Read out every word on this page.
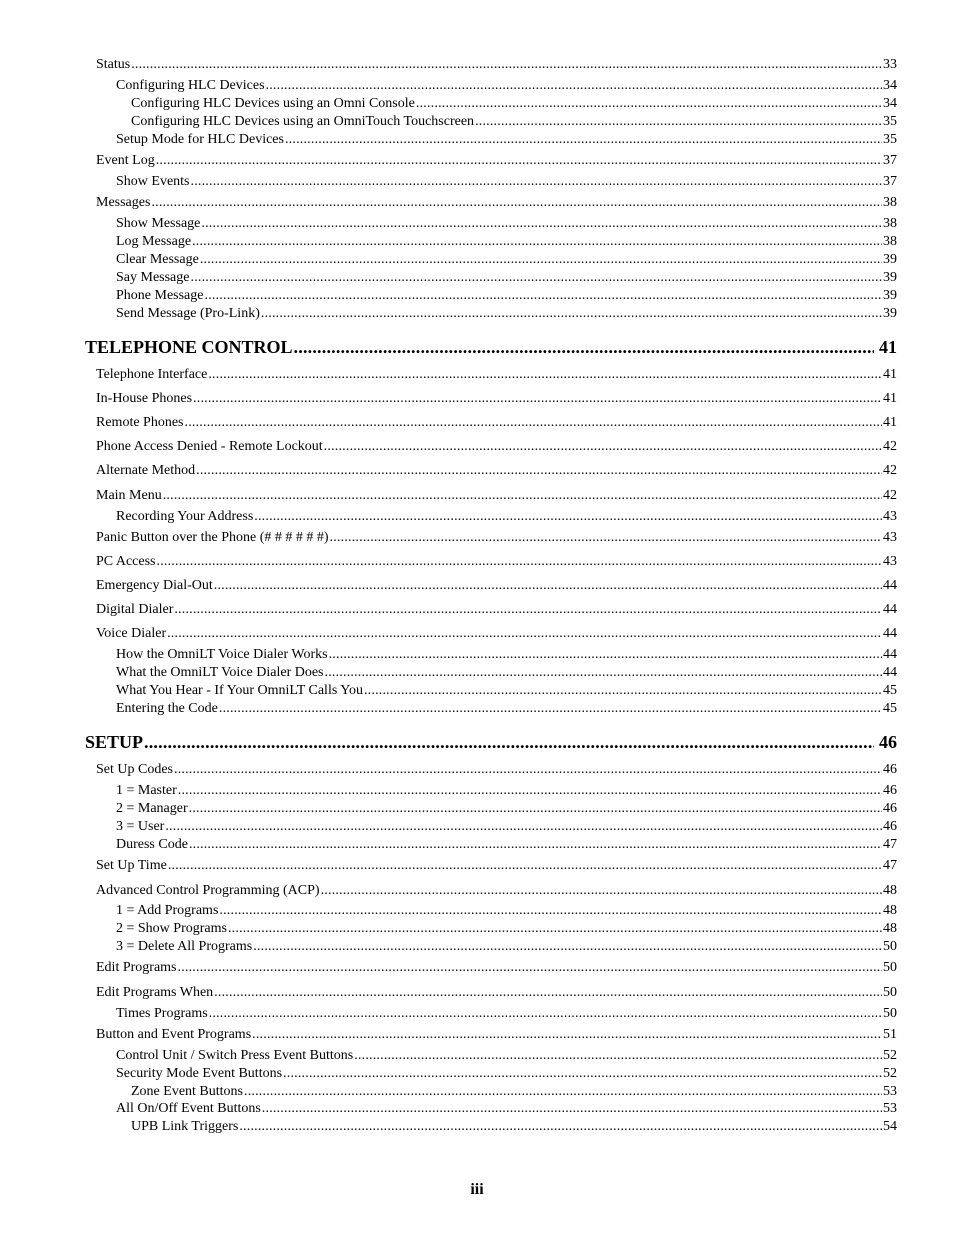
Status .....	33
Configuring HLC Devices .....	34
Configuring HLC Devices using an Omni Console .....	34
Configuring HLC Devices using an OmniTouch Touchscreen .....	35
Setup Mode for HLC Devices .....	35
Event Log .....	37
Show Events .....	37
Messages .....	38
Show Message .....	38
Log Message .....	38
Clear Message .....	39
Say Message .....	39
Phone Message .....	39
Send Message (Pro-Link) .....	39
TELEPHONE CONTROL .....	41
Telephone Interface .....	41
In-House Phones .....	41
Remote Phones .....	41
Phone Access Denied - Remote Lockout .....	42
Alternate Method .....	42
Main Menu .....	42
Recording Your Address .....	43
Panic Button over the Phone (# # # # # #) .....	43
PC Access .....	43
Emergency Dial-Out .....	44
Digital Dialer .....	44
Voice Dialer .....	44
How the OmniLT Voice Dialer Works .....	44
What the OmniLT Voice Dialer Does .....	44
What You Hear - If Your OmniLT Calls You .....	45
Entering the Code .....	45
SETUP .....	46
Set Up Codes .....	46
1 = Master .....	46
2 = Manager .....	46
3 = User .....	46
Duress Code .....	47
Set Up Time .....	47
Advanced Control Programming (ACP) .....	48
1 = Add Programs .....	48
2 = Show Programs .....	48
3 = Delete All Programs .....	50
Edit Programs .....	50
Edit Programs When .....	50
Times Programs .....	50
Button and Event Programs .....	51
Control Unit / Switch Press Event Buttons .....	52
Security Mode Event Buttons .....	52
Zone Event Buttons .....	53
All On/Off Event Buttons .....	53
UPB Link Triggers .....	54
iii
